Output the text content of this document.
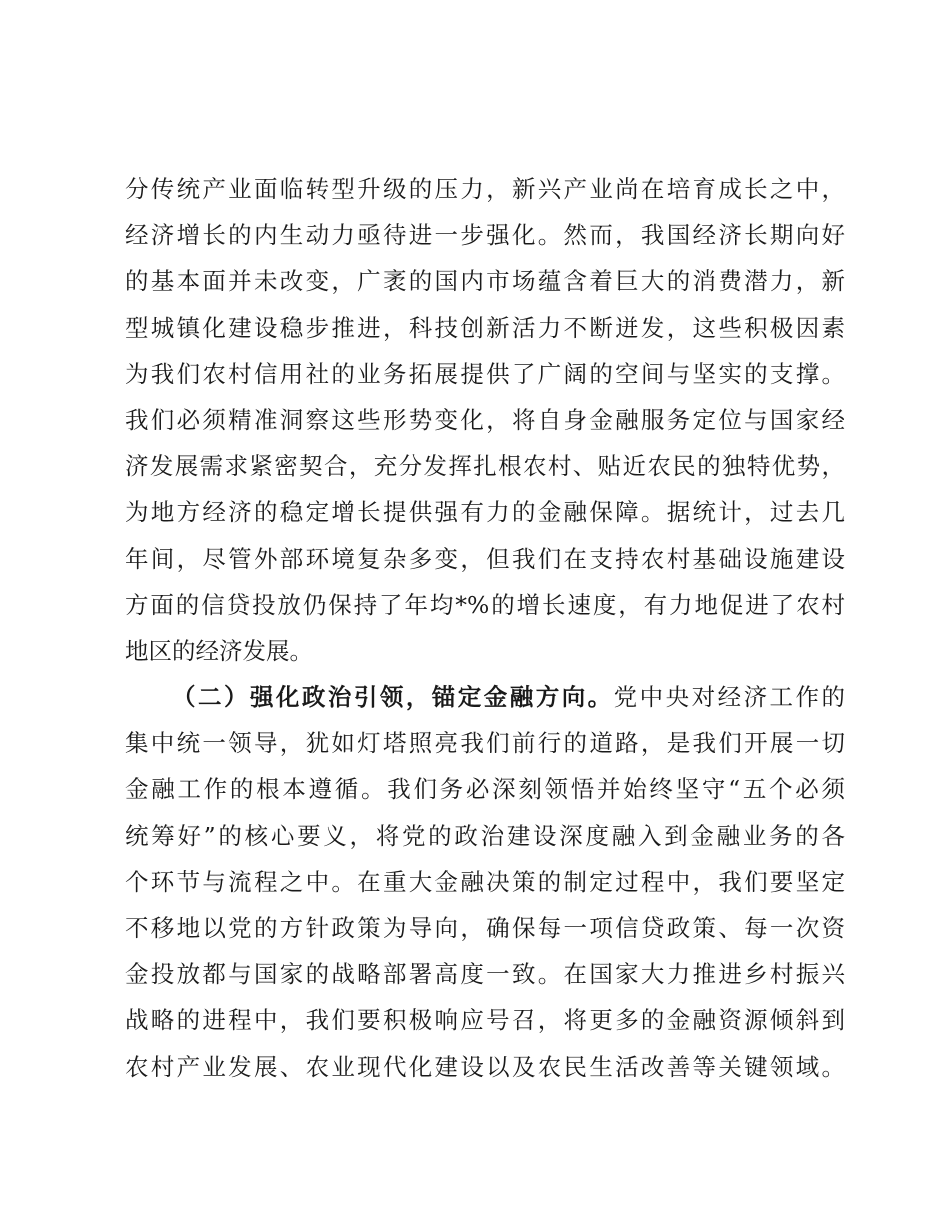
分传统产业面临转型升级的压力，新兴产业尚在培育成长之中，
经济增长的内生动力亟待进一步强化。然而，我国经济长期向好
的基本面并未改变，广袤的国内市场蕴含着巨大的消费潜力，新
型城镇化建设稳步推进，科技创新活力不断迸发，这些积极因素
为我们农村信用社的业务拓展提供了广阔的空间与坚实的支撑。
我们必须精准洞察这些形势变化，将自身金融服务定位与国家经
济发展需求紧密契合，充分发挥扎根农村、贴近农民的独特优势，
为地方经济的稳定增长提供强有力的金融保障。据统计，过去几
年间，尽管外部环境复杂多变，但我们在支持农村基础设施建设
方面的信贷投放仍保持了年均*%的增长速度，有力地促进了农村
地区的经济发展。
（二）强化政治引领，锚定金融方向。党中央对经济工作的
集中统一领导，犹如灯塔照亮我们前行的道路，是我们开展一切
金融工作的根本遵循。我们务必深刻领悟并始终坚守“五个必须
统筹好”的核心要义，将党的政治建设深度融入到金融业务的各
个环节与流程之中。在重大金融决策的制定过程中，我们要坚定
不移地以党的方针政策为导向，确保每一项信贷政策、每一次资
金投放都与国家的战略部署高度一致。在国家大力推进乡村振兴
战略的进程中，我们要积极响应号召，将更多的金融资源倾斜到
农村产业发展、农业现代化建设以及农民生活改善等关键领域。
